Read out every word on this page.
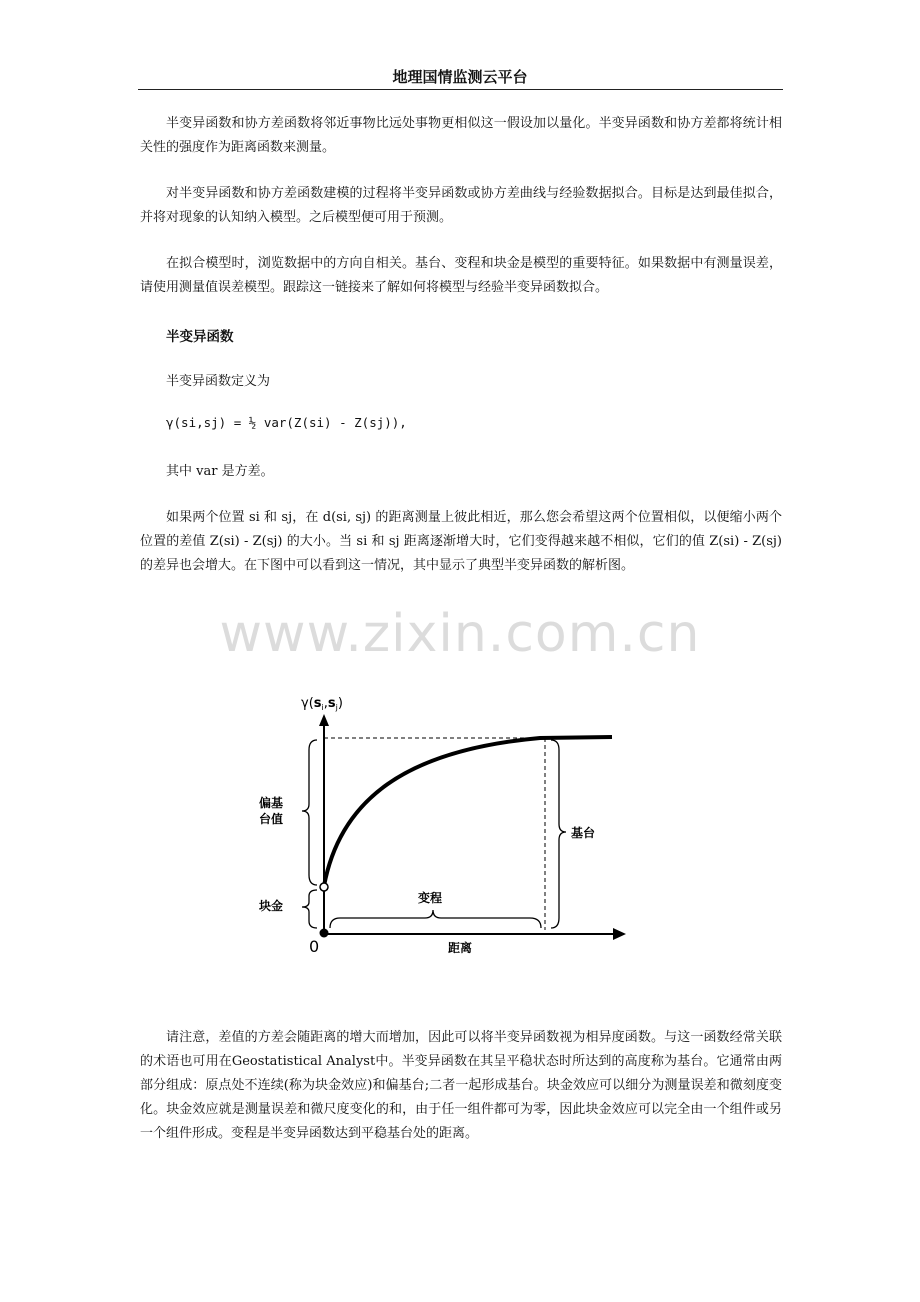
地理国情监测云平台

半变异函数和协方差函数将邻近事物比远处事物更相似这一假设加以量化。半变异函数和协方差都将统计相关性的强度作为距离函数来测量。

对半变异函数和协方差函数建模的过程将半变异函数或协方差曲线与经验数据拟合。目标是达到最佳拟合，并将对现象的认知纳入模型。之后模型便可用于预测。

在拟合模型时，浏览数据中的方向自相关。基台、变程和块金是模型的重要特征。如果数据中有测量误差，请使用测量值误差模型。跟踪这一链接来了解如何将模型与经验半变异函数拟合。

半变异函数
半变异函数定义为
γ(si,sj) = ½ var(Z(si) - Z(sj)),
其中 var 是方差。

如果两个位置 si 和 sj，在 d(si, sj) 的距离测量上彼此相近，那么您会希望这两个位置相似，以便缩小两个位置的差值 Z(si) - Z(sj) 的大小。当 si 和 sj 距离逐渐增大时，它们变得越来越不相似，它们的值 Z(si) - Z(sj) 的差异也会增大。在下图中可以看到这一情况，其中显示了典型半变异函数的解析图。

www.zixin.com.cn
$\gamma(s_i,s_j)$
0
偏基
台值
块金
变程
基台
距离

请注意，差值的方差会随距离的增大而增加，因此可以将半变异函数视为相异度函数。与这一函数经常关联的术语也可用在Geostatistical Analyst中。半变异函数在其呈平稳状态时所达到的高度称为基台。它通常由两部分组成：原点处不连续(称为块金效应)和偏基台;二者一起形成基台。块金效应可以细分为测量误差和微刻度变化。块金效应就是测量误差和微尺度变化的和，由于任一组件都可为零，因此块金效应可以完全由一个组件或另一个组件形成。变程是半变异函数达到平稳基台处的距离。
